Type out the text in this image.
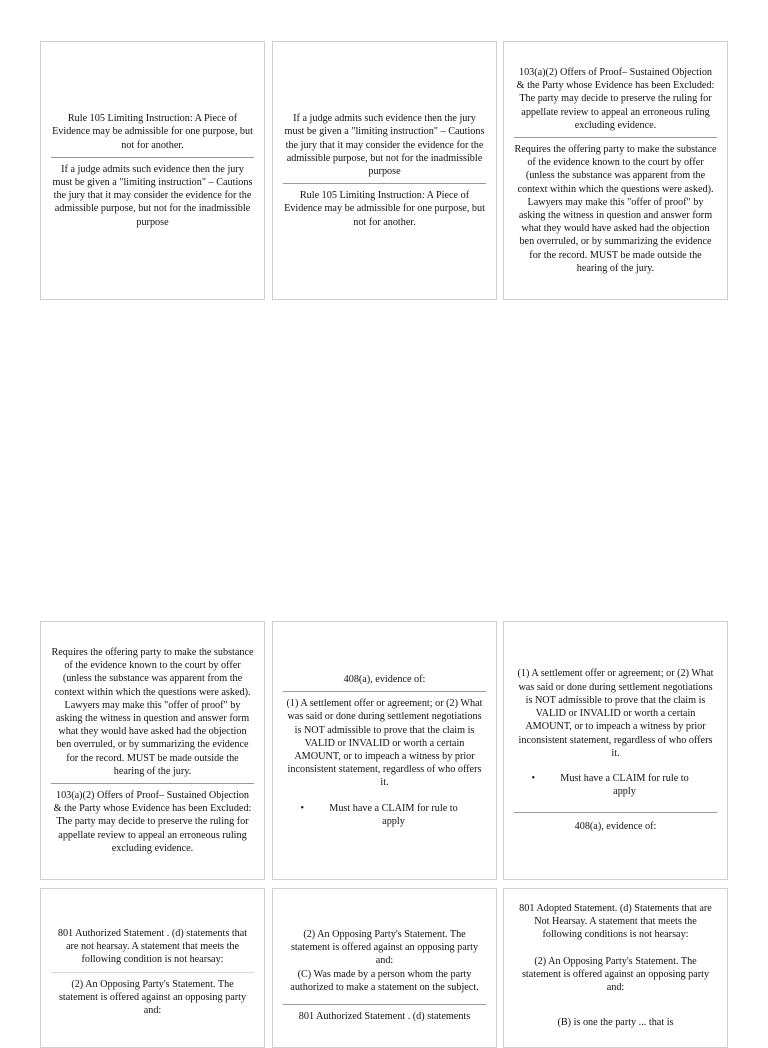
Rule 105 Limiting Instruction: A Piece of Evidence may be admissible for one purpose, but not for another.
If a judge admits such evidence then the jury must be given a "limiting instruction" – Cautions the jury that it may consider the evidence for the admissible purpose, but not for the inadmissible purpose
If a judge admits such evidence then the jury must be given a "limiting instruction" – Cautions the jury that it may consider the evidence for the admissible purpose, but not for the inadmissible purpose
Rule 105 Limiting Instruction: A Piece of Evidence may be admissible for one purpose, but not for another.
103(a)(2) Offers of Proof– Sustained Objection & the Party whose Evidence has been Excluded: The party may decide to preserve the ruling for appellate review to appeal an erroneous ruling excluding evidence.
Requires the offering party to make the substance of the evidence known to the court by offer (unless the substance was apparent from the context within which the questions were asked). Lawyers may make this "offer of proof" by asking the witness in question and answer form what they would have asked had the objection ben overruled, or by summarizing the evidence for the record. MUST be made outside the hearing of the jury.
Requires the offering party to make the substance of the evidence known to the court by offer (unless the substance was apparent from the context within which the questions were asked). Lawyers may make this "offer of proof" by asking the witness in question and answer form what they would have asked had the objection ben overruled, or by summarizing the evidence for the record. MUST be made outside the hearing of the jury.
103(a)(2) Offers of Proof– Sustained Objection & the Party whose Evidence has been Excluded: The party may decide to preserve the ruling for appellate review to appeal an erroneous ruling excluding evidence.
408(a), evidence of:

(1) A settlement offer or agreement; or (2) What was said or done during settlement negotiations is NOT admissible to prove that the claim is VALID or INVALID or worth a certain AMOUNT, or to impeach a witness by prior inconsistent statement, regardless of who offers it.

•	Must have a CLAIM for rule to apply

(1) A settlement offer or agreement; or (2) What was said or done during settlement negotiations is NOT admissible to prove that the claim is VALID or INVALID or worth a certain AMOUNT, or to impeach a witness by prior inconsistent statement, regardless of who offers it.

•	Must have a CLAIM for rule to apply
408(a), evidence of:
801 Authorized Statement . (d) statements that are not hearsay. A statement that meets the following condition is not hearsay:
(2) An Opposing Party's Statement. The statement is offered against an opposing party and:

(2) An Opposing Party's Statement. The statement is offered against an opposing party and:

(C) Was made by a person whom the party authorized to make a statement on the subject.

801 Authorized Statement . (d) statements

801 Adopted Statement. (d) Statements that are Not Hearsay. A statement that meets the following conditions is not hearsay:

(2) An Opposing Party's Statement. The statement is offered against an opposing party and:

(B) is one the party ... that is
